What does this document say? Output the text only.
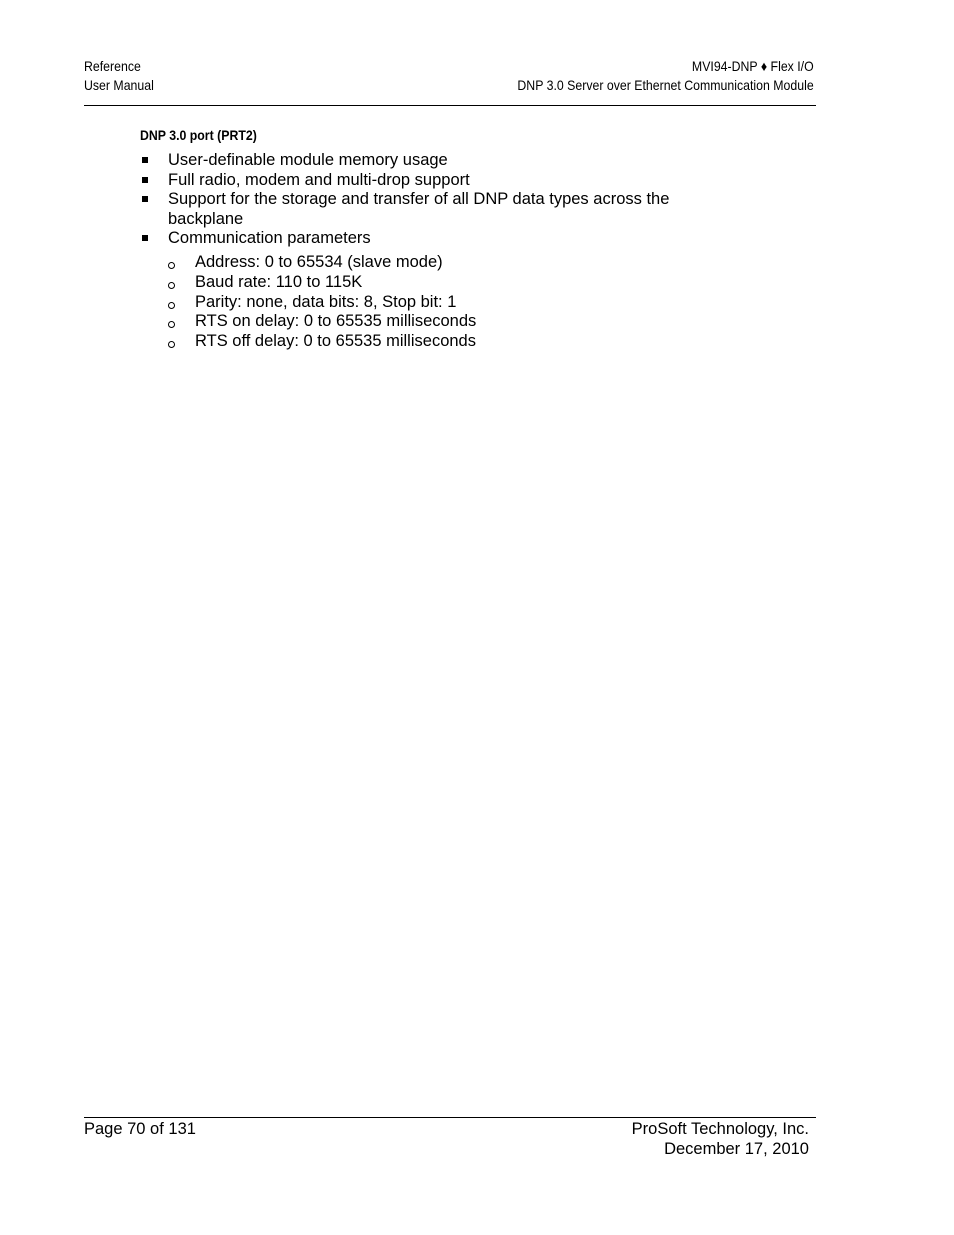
Reference
User Manual
MVI94-DNP ♦ Flex I/O
DNP 3.0 Server over Ethernet Communication Module
DNP 3.0 port (PRT2)
User-definable module memory usage
Full radio, modem and multi-drop support
Support for the storage and transfer of all DNP data types across the backplane
Communication parameters
Address: 0 to 65534 (slave mode)
Baud rate: 110 to 115K
Parity: none, data bits: 8, Stop bit: 1
RTS on delay: 0 to 65535 milliseconds
RTS off delay: 0 to 65535 milliseconds
Page 70 of 131	ProSoft Technology, Inc.
December 17, 2010
